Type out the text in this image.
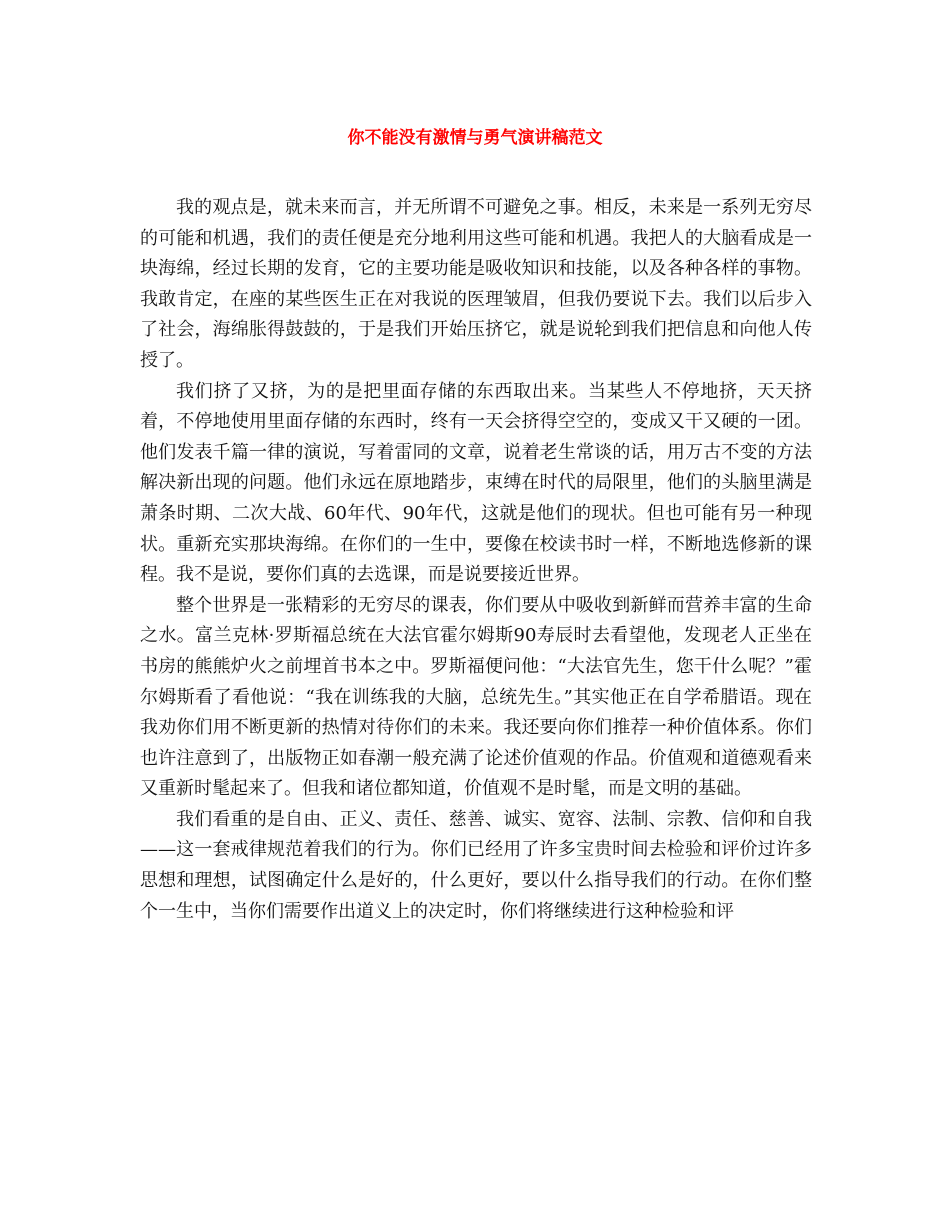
你不能没有激情与勇气演讲稿范文

我的观点是，就未来而言，并无所谓不可避免之事。相反，未来是一系列无穷尽的可能和机遇，我们的责任便是充分地利用这些可能和机遇。我把人的大脑看成是一块海绵，经过长期的发育，它的主要功能是吸收知识和技能，以及各种各样的事物。我敢肯定，在座的某些医生正在对我说的医理皱眉，但我仍要说下去。我们以后步入了社会，海绵胀得鼓鼓的，于是我们开始压挤它，就是说轮到我们把信息和向他人传授了。

我们挤了又挤，为的是把里面存储的东西取出来。当某些人不停地挤，天天挤着，不停地使用里面存储的东西时，终有一天会挤得空空的，变成又干又硬的一团。他们发表千篇一律的演说，写着雷同的文章，说着老生常谈的话，用万古不变的方法解决新出现的问题。他们永远在原地踏步，束缚在时代的局限里，他们的头脑里满是萧条时期、二次大战、60年代、90年代，这就是他们的现状。但也可能有另一种现状。重新充实那块海绵。在你们的一生中，要像在校读书时一样，不断地选修新的课程。我不是说，要你们真的去选课，而是说要接近世界。

整个世界是一张精彩的无穷尽的课表，你们要从中吸收到新鲜而营养丰富的生命之水。富兰克林·罗斯福总统在大法官霍尔姆斯90寿辰时去看望他，发现老人正坐在书房的熊熊炉火之前埋首书本之中。罗斯福便问他：“大法官先生，您干什么呢？”霍尔姆斯看了看他说：“我在训练我的大脑，总统先生。”其实他正在自学希腊语。现在我劝你们用不断更新的热情对待你们的未来。我还要向你们推荐一种价值体系。你们也许注意到了，出版物正如春潮一般充满了论述价值观的作品。价值观和道德观看来又重新时髦起来了。但我和诸位都知道，价值观不是时髦，而是文明的基础。

我们看重的是自由、正义、责任、慈善、诚实、宽容、法制、宗教、信仰和自我——这一套戒律规范着我们的行为。你们已经用了许多宝贵时间去检验和评价过许多思想和理想，试图确定什么是好的，什么更好，要以什么指导我们的行动。在你们整个一生中，当你们需要作出道义上的决定时，你们将继续进行这种检验和评
